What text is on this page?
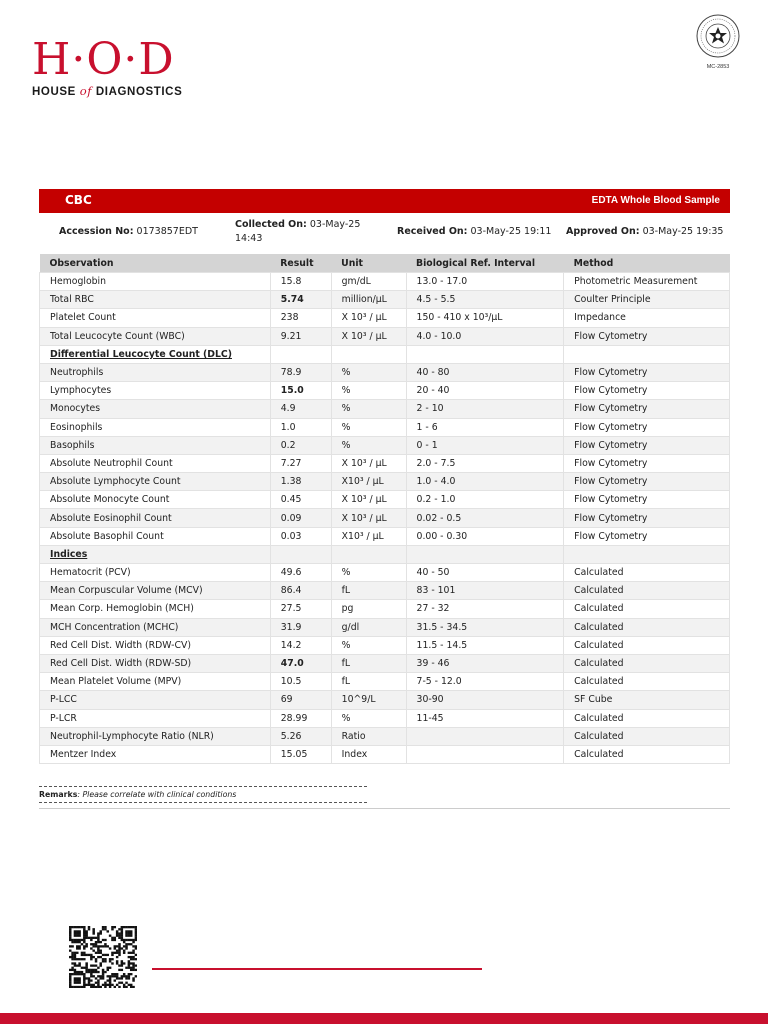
H·O·D
HOUSE of DIAGNOSTICS
MC-2853
CBC	EDTA Whole Blood Sample
Accession No: 0173857EDT
Collected On: 03-May-25
14:43
Received On: 03-May-25 19:11 Approved On: 03-May-25 19:35
Observation	Result	Unit	Biological Ref. Interval	Method
Hemoglobin	15.8	gm/dL	13.0 - 17.0	Photometric Measurement
Total RBC	5.74	million/µL	4.5 - 5.5	Coulter Principle
Platelet Count	238	X 10³ / µL	150 - 410 x 10³/µL	Impedance
Total Leucocyte Count (WBC)	9.21	X 10³ / µL	4.0 - 10.0	Flow Cytometry
Differential Leucocyte Count (DLC)				
Neutrophils	78.9	%	40 - 80	Flow Cytometry
Lymphocytes	15.0	%	20 - 40	Flow Cytometry
Monocytes	4.9	%	2 - 10	Flow Cytometry
Eosinophils	1.0	%	1 - 6	Flow Cytometry
Basophils	0.2	%	0 - 1	Flow Cytometry
Absolute Neutrophil Count	7.27	X 10³ / µL	2.0 - 7.5	Flow Cytometry
Absolute Lymphocyte Count	1.38	X10³ / µL	1.0 - 4.0	Flow Cytometry
Absolute Monocyte Count	0.45	X 10³ / µL	0.2 - 1.0	Flow Cytometry
Absolute Eosinophil Count	0.09	X 10³ / µL	0.02 - 0.5	Flow Cytometry
Absolute Basophil Count	0.03	X10³ / µL	0.00 - 0.30	Flow Cytometry
Indices				
Hematocrit (PCV)	49.6	%	40 - 50	Calculated
Mean Corpuscular Volume (MCV)	86.4	fL	83 - 101	Calculated
Mean Corp. Hemoglobin (MCH)	27.5	pg	27 - 32	Calculated
MCH Concentration (MCHC)	31.9	g/dl	31.5 - 34.5	Calculated
Red Cell Dist. Width (RDW-CV)	14.2	%	11.5 - 14.5	Calculated
Red Cell Dist. Width (RDW-SD)	47.0	fL	39 - 46	Calculated
Mean Platelet Volume (MPV)	10.5	fL	7-5 - 12.0	Calculated
P-LCC	69	10^9/L	30-90	SF Cube
P-LCR	28.99	%	11-45	Calculated
Neutrophil-Lymphocyte Ratio (NLR)	5.26	Ratio		Calculated
Mentzer Index	15.05	Index		Calculated
Remarks: Please correlate with clinical conditions
